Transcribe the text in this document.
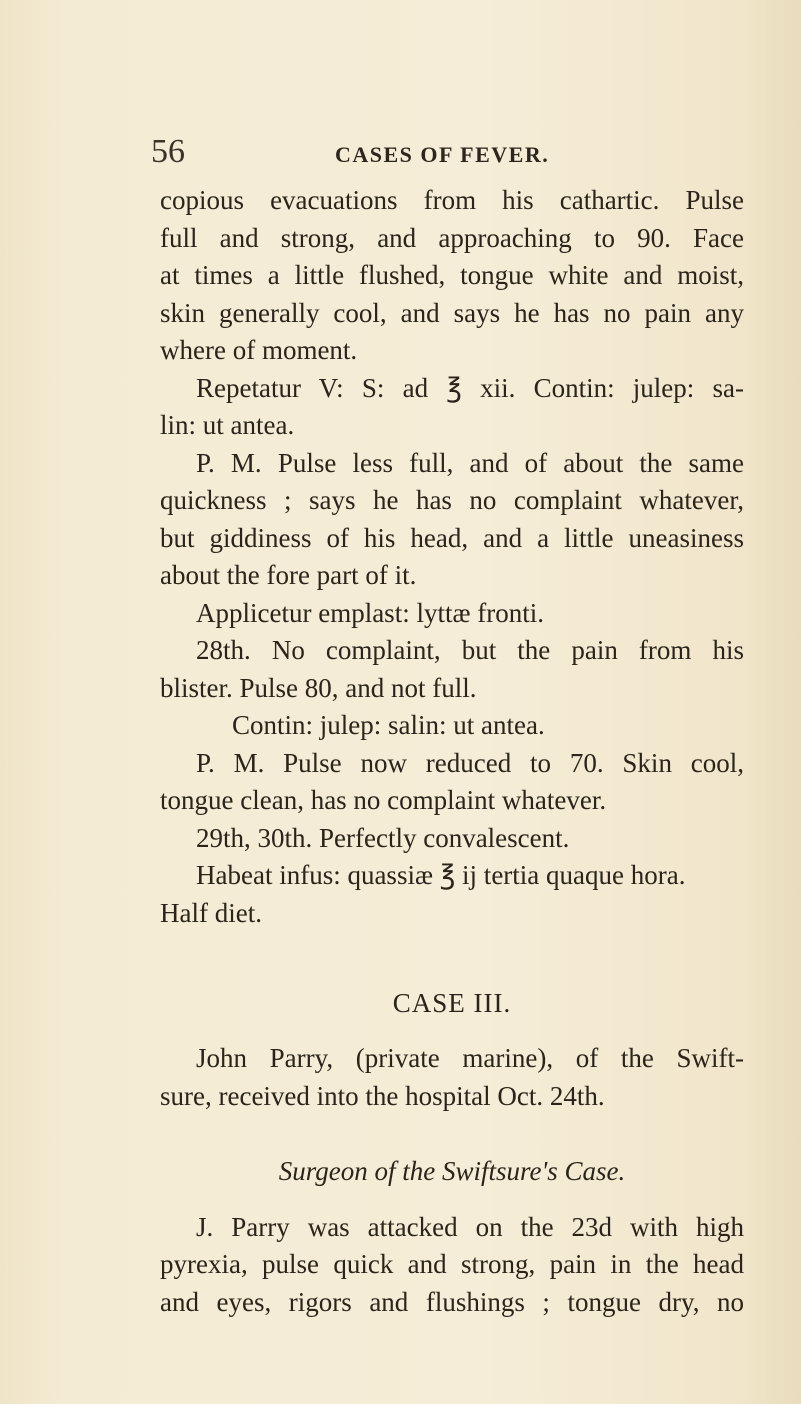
56	CASES OF FEVER.
copious evacuations from his cathartic. Pulse
full and strong, and approaching to 90. Face
at times a little flushed, tongue white and moist,
skin generally cool, and says he has no pain any
where of moment.
Repetatur V: S: ad ℥ xii. Contin: julep: sa-
lin: ut antea.
P. M. Pulse less full, and of about the same
quickness ; says he has no complaint whatever,
but giddiness of his head, and a little uneasiness
about the fore part of it.
Applicetur emplast: lyttæ fronti.
28th. No complaint, but the pain from his
blister. Pulse 80, and not full.
Contin: julep: salin: ut antea.
P. M. Pulse now reduced to 70. Skin cool,
tongue clean, has no complaint whatever.
29th, 30th. Perfectly convalescent.
Habeat infus: quassiæ ℥ ij tertia quaque hora.
Half diet.
CASE III.
John Parry, (private marine), of the Swift-
sure, received into the hospital Oct. 24th.
Surgeon of the Swiftsure's Case.
J. Parry was attacked on the 23d with high
pyrexia, pulse quick and strong, pain in the head
and eyes, rigors and flushings ; tongue dry, no
